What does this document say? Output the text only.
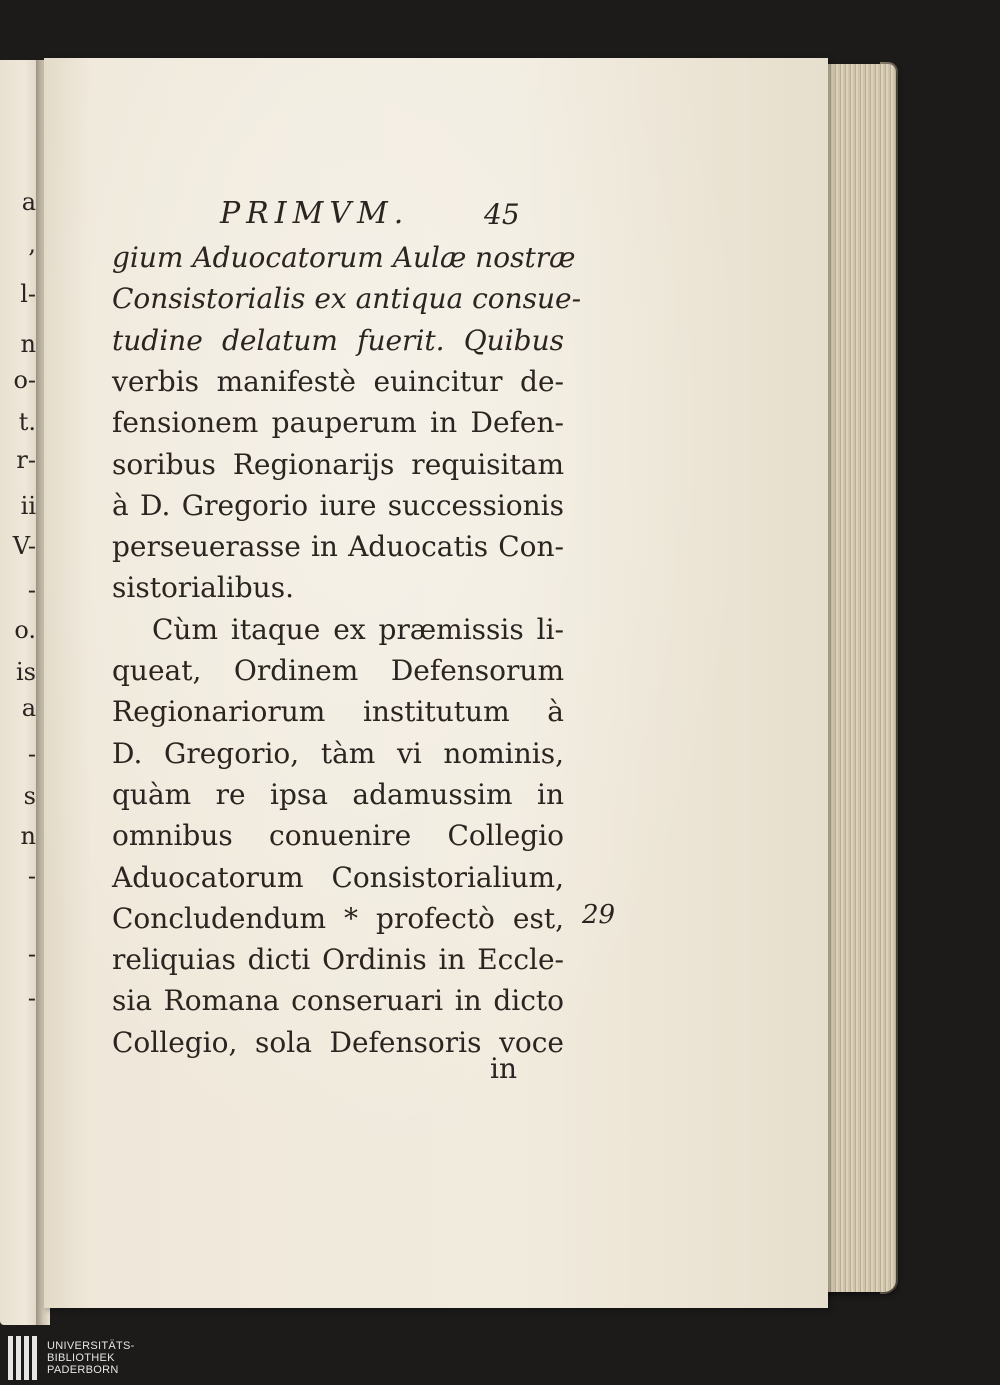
a
,
l-
n
o-
t.
r-
ii
V-
-
o.
is
a
-
s
n
-
-
-
PRIMVM.	45
gium Aduocatorum Aulæ nostræ
Consistorialis ex antiqua consue-
tudine delatum fuerit. Quibus
verbis manifestè euincitur de-
fensionem pauperum in Defen-
soribus Regionarijs requisitam
à D. Gregorio iure successionis
perseuerasse in Aduocatis Con-
sistorialibus.
Cùm itaque ex præmissis li-
queat, Ordinem Defensorum
Regionariorum institutum à
D. Gregorio, tàm vi nominis,
quàm re ipsa adamussim in
omnibus conuenire Collegio
Aduocatorum Consistorialium,
Concludendum * profectò est,
reliquias dicti Ordinis in Eccle-
sia Romana conseruari in dicto
Collegio, sola Defensoris voce
29
in
UNIVERSITÄTS-
BIBLIOTHEK
PADERBORN
